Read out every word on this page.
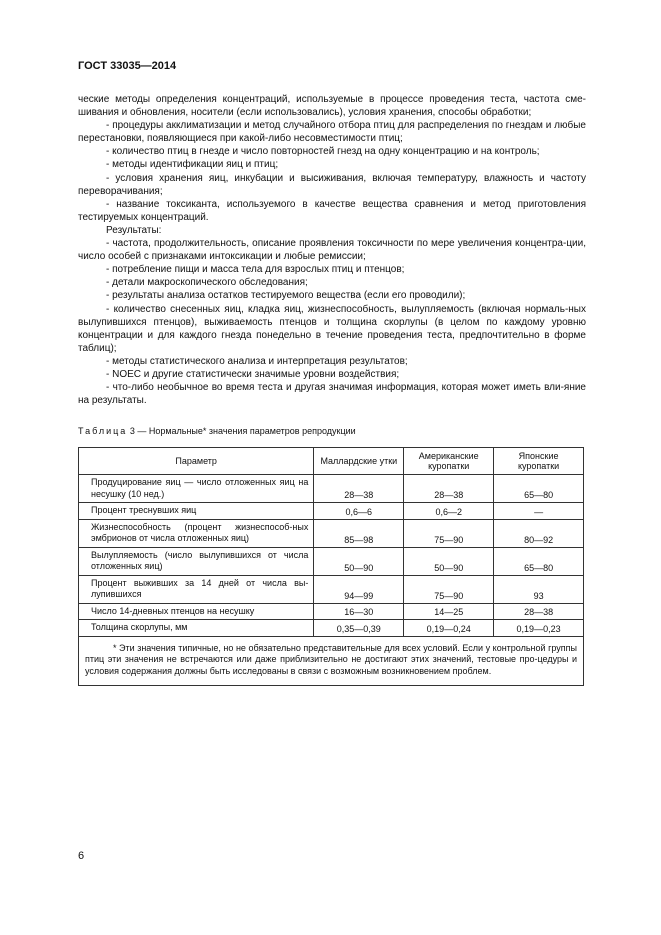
ГОСТ 33035—2014

ческие методы определения концентраций, используемые в процессе проведения теста, частота сме-шивания и обновления, носители (если использовались), условия хранения, способы обработки;

- процедуры акклиматизации и метод случайного отбора птиц для распределения по гнездам и любые перестановки, появляющиеся при какой-либо несовместимости птиц;

- количество птиц в гнезде и число повторностей гнезд на одну концентрацию и на контроль;

- методы идентификации яиц и птиц;

- условия хранения яиц, инкубации и высиживания, включая температуру, влажность и частоту переворачивания;

- название токсиканта, используемого в качестве вещества сравнения и метод приготовления тестируемых концентраций.

Результаты:

- частота, продолжительность, описание проявления токсичности по мере увеличения концентра-ции, число особей с признаками интоксикации и любые ремиссии;

- потребление пищи и масса тела для взрослых птиц и птенцов;

- детали макроскопического обследования;

- результаты анализа остатков тестируемого вещества (если его проводили);

- количество снесенных яиц, кладка яиц, жизнеспособность, вылупляемость (включая нормаль-ных вылупившихся птенцов), выживаемость птенцов и толщина скорлупы (в целом по каждому уровню концентрации и для каждого гнезда понедельно в течение проведения теста, предпочтительно в форме таблиц);

- методы статистического анализа и интерпретация результатов;

- NOEC и другие статистически значимые уровни воздействия;

- что-либо необычное во время теста и другая значимая информация, которая может иметь вли-яние на результаты.

Таблица 3 — Нормальные* значения параметров репродукции
Параметр	Маллардские утки	Американские куропатки	Японские куропатки
Продуцирование яиц — число отложенных яиц на несушку (10 нед.)	28—38	28—38	65—80
Процент треснувших яиц	0,6—6	0,6—2	—
Жизнеспособность (процент жизнеспособ-ных эмбрионов от числа отложенных яиц)	85—98	75—90	80—92
Вылупляемость (число вылупившихся от числа отложенных яиц)	50—90	50—90	65—80
Процент выживших за 14 дней от числа вы-лупившихся	94—99	75—90	93
Число 14-дневных птенцов на несушку	16—30	14—25	28—38
Толщина скорлупы, мм	0,35—0,39	0,19—0,24	0,19—0,23

* Эти значения типичные, но не обязательно представительные для всех условий. Если у контрольной группы птиц эти значения не встречаются или даже приблизительно не достигают этих значений, тестовые про-цедуры и условия содержания должны быть исследованы в связи с возможным возникновением проблем.			
6
